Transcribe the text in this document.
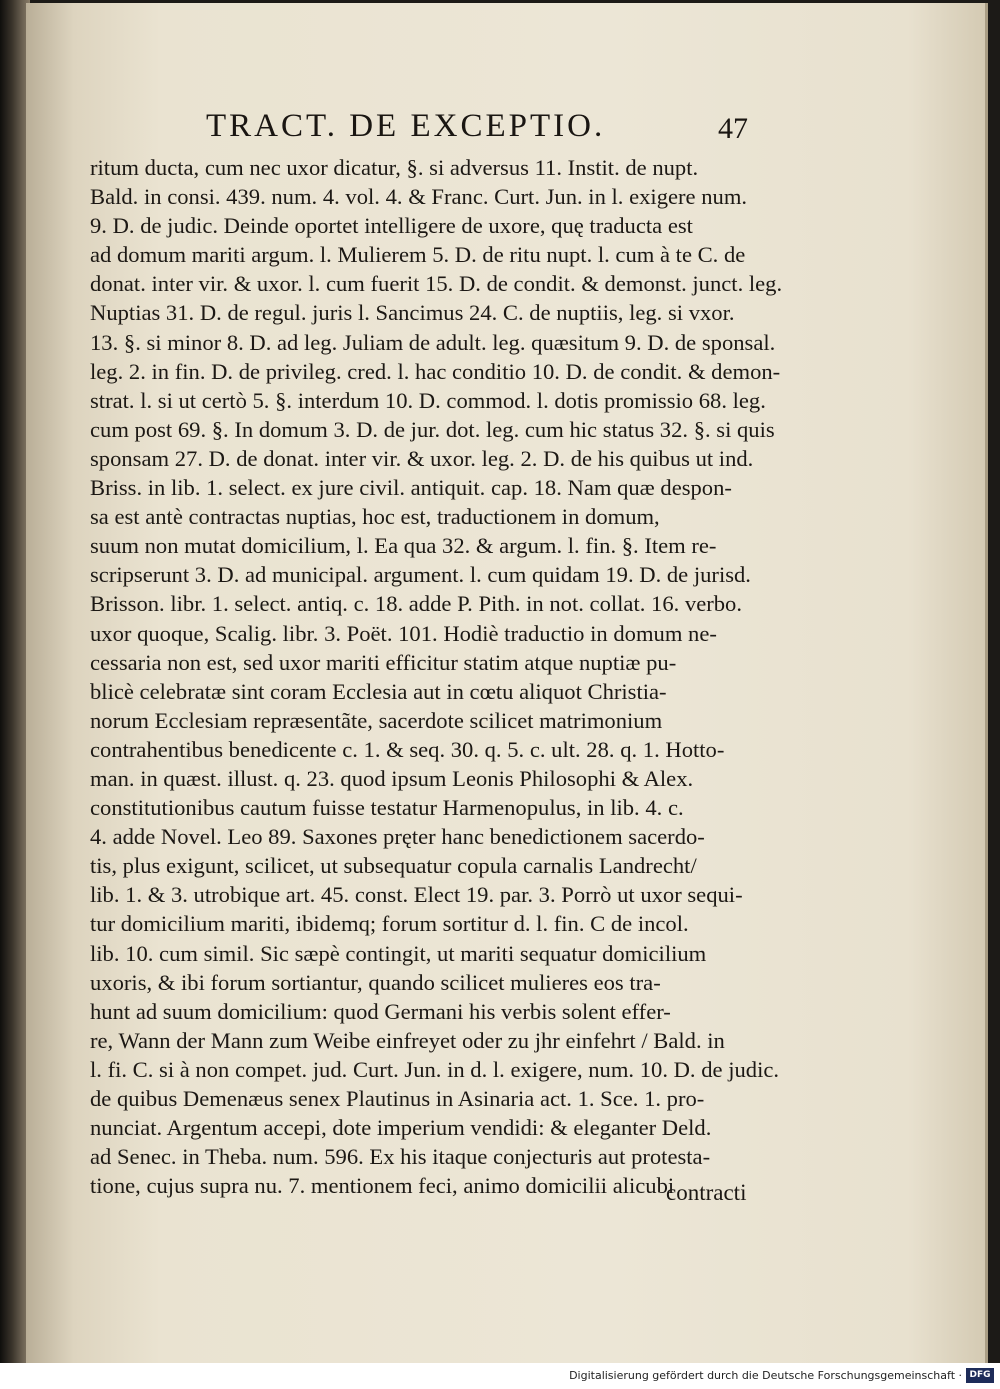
TRACT. DE EXCEPTIO.	47
ritum ducta, cum nec uxor dicatur, §. si adversus 11. Instit. de nupt.
Bald. in consi. 439. num. 4. vol. 4. & Franc. Curt. Jun. in l. exigere num.
9. D. de judic. Deinde oportet intelligere de uxore, quę traducta est
ad domum mariti argum. l. Mulierem 5. D. de ritu nupt. l. cum à te C. de
donat. inter vir. & uxor. l. cum fuerit 15. D. de condit. & demonst. junct. leg.
Nuptias 31. D. de regul. juris l. Sancimus 24. C. de nuptiis, leg. si vxor.
13. §. si minor 8. D. ad leg. Juliam de adult. leg. quæsitum 9. D. de sponsal.
leg. 2. in fin. D. de privileg. cred. l. hac conditio 10. D. de condit. & demon-
strat. l. si ut certò 5. §. interdum 10. D. commod. l. dotis promissio 68. leg.
cum post 69. §. In domum 3. D. de jur. dot. leg. cum hic status 32. §. si quis
sponsam 27. D. de donat. inter vir. & uxor. leg. 2. D. de his quibus ut ind.
Briss. in lib. 1. select. ex jure civil. antiquit. cap. 18. Nam quæ despon-
sa est antè contractas nuptias, hoc est, traductionem in domum,
suum non mutat domicilium, l. Ea qua 32. & argum. l. fin. §. Item re-
scripserunt 3. D. ad municipal. argument. l. cum quidam 19. D. de jurisd.
Brisson. libr. 1. select. antiq. c. 18. adde P. Pith. in not. collat. 16. verbo.
uxor quoque, Scalig. libr. 3. Poët. 101. Hodiè traductio in domum ne-
cessaria non est, sed uxor mariti efficitur statim atque nuptiæ pu-
blicè celebratæ sint coram Ecclesia aut in cœtu aliquot Christia-
norum Ecclesiam repræsentãte, sacerdote scilicet matrimonium
contrahentibus benedicente c. 1. & seq. 30. q. 5. c. ult. 28. q. 1. Hotto-
man. in quæst. illust. q. 23. quod ipsum Leonis Philosophi & Alex.
constitutionibus cautum fuisse testatur Harmenopulus, in lib. 4. c.
4. adde Novel. Leo 89. Saxones pręter hanc benedictionem sacerdo-
tis, plus exigunt, scilicet, ut subsequatur copula carnalis Landrecht/
lib. 1. & 3. utrobique art. 45. const. Elect 19. par. 3. Porrò ut uxor sequi-
tur domicilium mariti, ibidemq; forum sortitur d. l. fin. C de incol.
lib. 10. cum simil. Sic sæpè contingit, ut mariti sequatur domicilium
uxoris, & ibi forum sortiantur, quando scilicet mulieres eos tra-
hunt ad suum domicilium: quod Germani his verbis solent effer-
re, Wann der Mann zum Weibe einfreyet oder zu jhr einfehrt / Bald. in
l. fi. C. si à non compet. jud. Curt. Jun. in d. l. exigere, num. 10. D. de judic.
de quibus Demenæus senex Plautinus in Asinaria act. 1. Sce. 1. pro-
nunciat. Argentum accepi, dote imperium vendidi: & eleganter Deld.
ad Senec. in Theba. num. 596. Ex his itaque conjecturis aut protesta-
tione, cujus supra nu. 7. mentionem feci, animo domicilii alicubi
contracti
Digitalisierung gefördert durch die Deutsche Forschungsgemeinschaft · DFG
